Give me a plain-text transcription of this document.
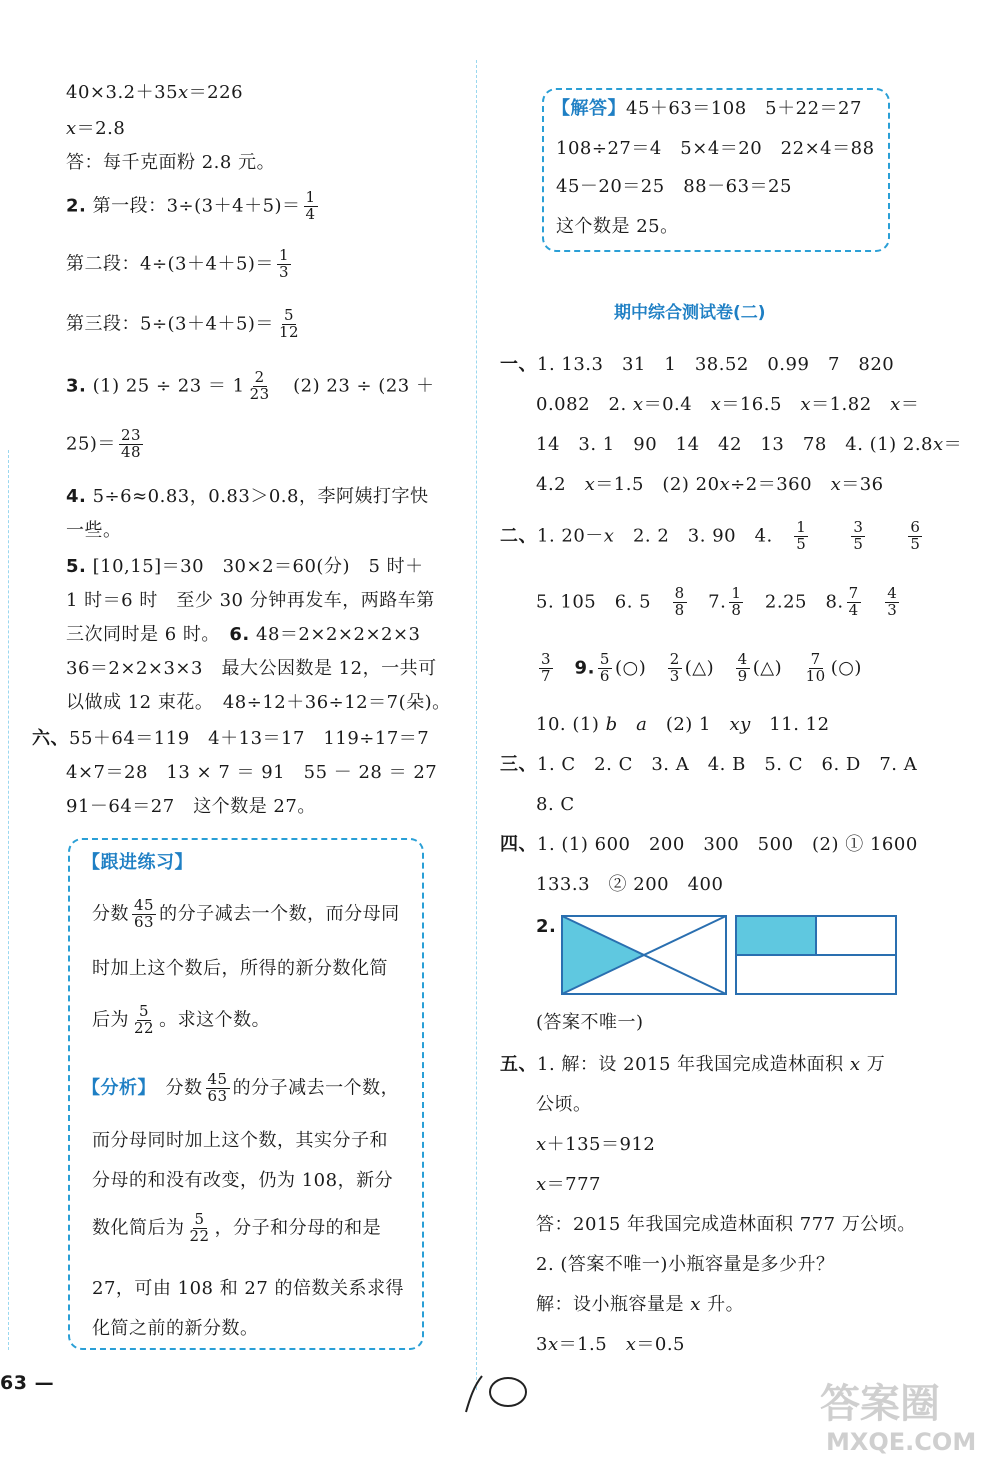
40×3.2＋35𝑥＝226
𝑥＝2.8
答：每千克面粉 2.8 元。
2. 第一段：$3\div(3+4+5)= \frac{1}{4}$
第二段：$4\div(3+4+5)= \frac{1}{3}$
第三段：$5\div(3+4+5)= \frac{5}{12}$
3. (1) $25 \div 23 = 1 \frac{2}{23}$
　 (2) 23 ÷ (23 ＋
$25)= \frac{23}{48}$
4. 5÷6≈0.83，0.83＞0.8，李阿姨打字快
一些。
5. [10,15]＝30　30×2＝60(分)　5 时＋
1 时＝6 时　至少 30 分钟再发车，两路车第
三次同时是 6 时。　 6. 48＝2×2×2×2×3
36＝2×2×3×3　最大公因数是 12，一共可
以做成 12 束花。　48÷12＋36÷12＝7(朵)。
六、55＋64＝119　4＋13＝17　119÷17＝7
4×7＝28　13 × 7 ＝ 91　55 － 28 ＝ 27
91－64＝27　这个数是 27。
【跟进练习】
分数 $\frac{45}{63}$ 的分子减去一个数，而分母同
时加上这个数后，所得的新分数化简
后为 $\frac{5}{22}$ 。求这个数。
【分析】　 分数 $\frac{45}{63}$ 的分子减去一个数，
而分母同时加上这个数，其实分子和
分母的和没有改变，仍为 108，新分
数化简后为 $\frac{5}{22}$ ，分子和分母的和是
27，可由 108 和 27 的倍数关系求得
化简之前的新分数。
63 —
【解答】45＋63＝108　5＋22＝27
108÷27＝4　5×4＝20　22×4＝88
45－20＝25　88－63＝25
这个数是 25。
期中综合测试卷(二)
一、1. 13.3　31　1　38.52　0.99　7　820
0.082　2. 𝑥＝0.4　𝑥＝16.5　𝑥＝1.82　𝑥＝
14　3. 1　90　14　42　13　78　4. (1) 2.8𝑥＝
4.2　𝑥＝1.5　(2) 20𝑥÷2＝360　𝑥＝36
二、1. 20－𝑥　2. 2　3. 90　4.　 $\frac{1}{5}$
　　	$\frac{3}{5}$
　　	$\frac{6}{5}$
5. 105　6. 5　 $\frac{8}{8}$
　 7. $\frac{1}{8}$
　 2.25　8. $\frac{7}{4}$
　 $\frac{4}{3}$
$\frac{3}{7}$
　 9. $\frac{5}{6}$ (○)　 $\frac{2}{3}$ (△)　 $\frac{4}{9}$ (△)　 $\frac{7}{10}$ (○)
10. (1) 𝑏　𝑎　(2) 1　𝑥𝑦　11. 12
三、1. C　2. C　3. A　4. B　5. C　6. D　7. A
8. C
四、1. (1) 600　200　300　500　(2) ① 1600
133.3　② 200　400
2.
(答案不唯一)
五、1. 解：设 2015 年我国完成造林面积 𝑥 万
公顷。
𝑥＋135＝912
𝑥＝777
答：2015 年我国完成造林面积 777 万公顷。
2. (答案不唯一)小瓶容量是多少升？
解：设小瓶容量是 𝑥 升。
3𝑥＝1.5　𝑥＝0.5
答案圈
MXQE.COM
